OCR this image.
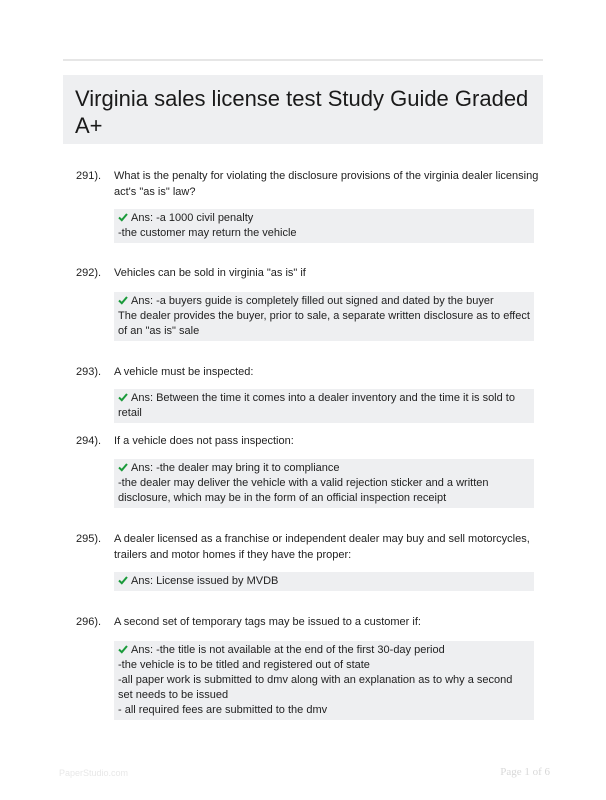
Virginia sales license test Study Guide Graded A+
291). What is the penalty for violating the disclosure provisions of the virginia dealer licensing act's "as is" law?
Ans: -a 1000 civil penalty
-the customer may return the vehicle
292). Vehicles can be sold in virginia "as is" if
Ans: -a buyers guide is completely filled out signed and dated by the buyer
The dealer provides the buyer, prior to sale, a separate written disclosure as to effect of an "as is" sale
293). A vehicle must be inspected:
Ans: Between the time it comes into a dealer inventory and the time it is sold to retail
294). If a vehicle does not pass inspection:
Ans: -the dealer may bring it to compliance
-the dealer may deliver the vehicle with a valid rejection sticker and a written disclosure, which may be in the form of an official inspection receipt
295). A dealer licensed as a franchise or independent dealer may buy and sell motorcycles, trailers and motor homes if they have the proper:
Ans: License issued by MVDB
296). A second set of temporary tags may be issued to a customer if:
Ans: -the title is not available at the end of the first 30-day period
-the vehicle is to be titled and registered out of state
-all paper work is submitted to dmv along with an explanation as to why a second set needs to be issued
- all required fees are submitted to the dmv
PaperStudio.com	Page 1 of 6
